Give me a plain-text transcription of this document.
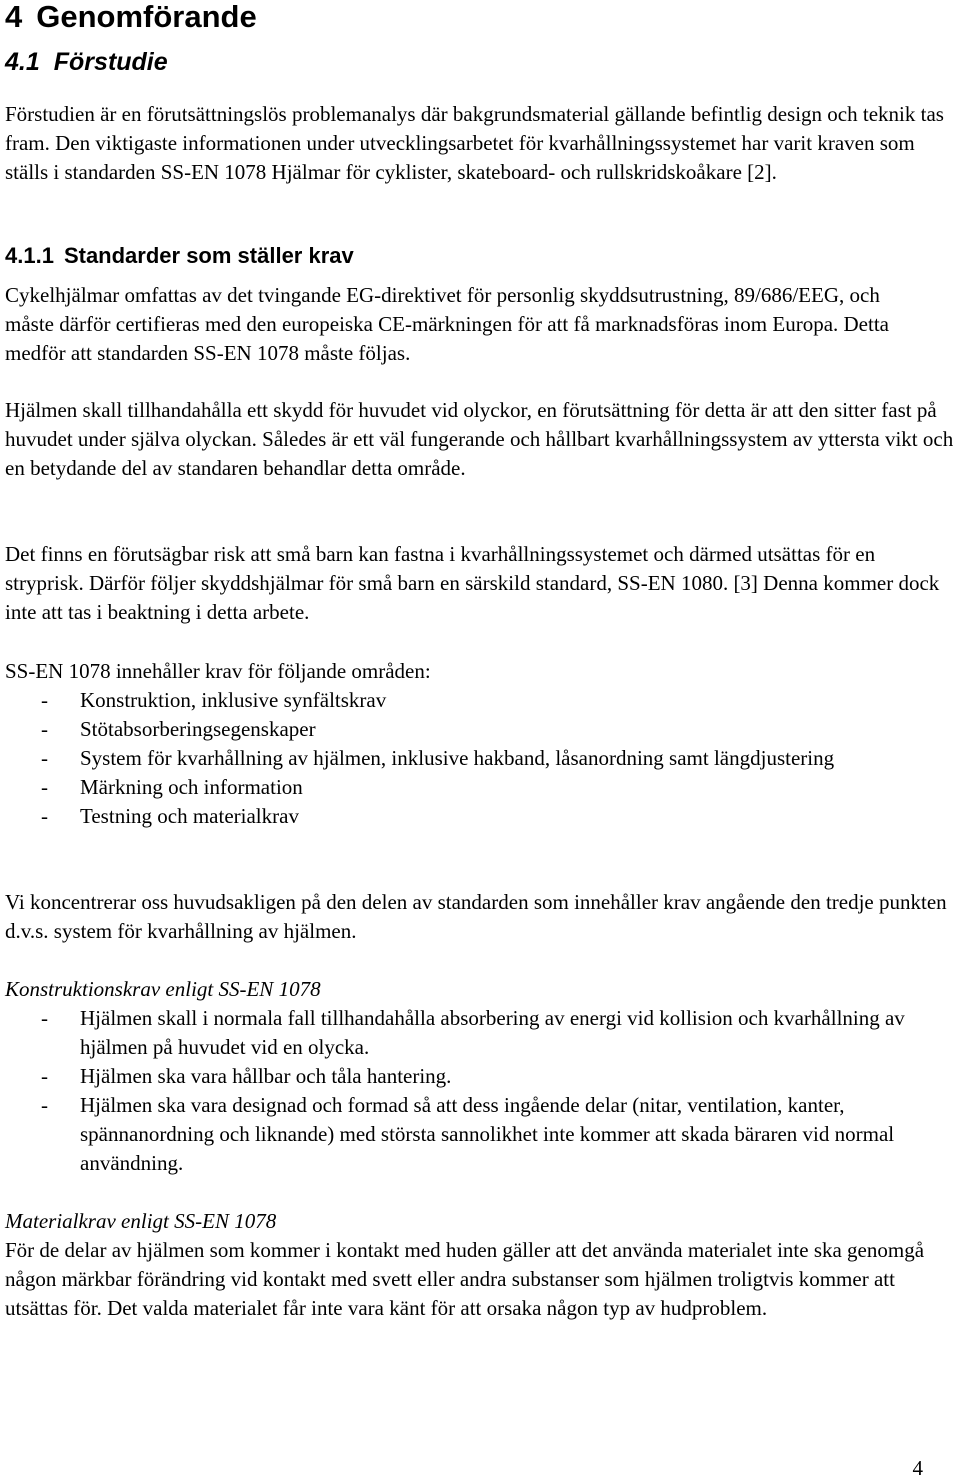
4 Genomförande
4.1 Förstudie

Förstudien är en förutsättningslös problemanalys där bakgrundsmaterial gällande befintlig design och teknik tas fram. Den viktigaste informationen under utvecklingsarbetet för kvarhållningssystemet har varit kraven som ställs i standarden SS-EN 1078 Hjälmar för cyklister, skateboard- och rullskridskoåkare [2].

4.1.1 Standarder som ställer krav

Cykelhjälmar omfattas av det tvingande EG-direktivet för personlig skyddsutrustning, 89/686/EEG, och måste därför certifieras med den europeiska CE-märkningen för att få marknadsföras inom Europa. Detta medför att standarden SS-EN 1078 måste följas.

Hjälmen skall tillhandahålla ett skydd för huvudet vid olyckor, en förutsättning för detta är att den sitter fast på huvudet under själva olyckan. Således är ett väl fungerande och hållbart kvarhållningssystem av yttersta vikt och en betydande del av standaren behandlar detta område.

Det finns en förutsägbar risk att små barn kan fastna i kvarhållningssystemet och därmed utsättas för en stryprisk. Därför följer skyddshjälmar för små barn en särskild standard, SS-EN 1080. [3] Denna kommer dock inte att tas i beaktning i detta arbete.

SS-EN 1078 innehåller krav för följande områden:

- Konstruktion, inklusive synfältskrav
- Stötabsorberingsegenskaper
- System för kvarhållning av hjälmen, inklusive hakband, låsanordning samt längdjustering
- Märkning och information
- Testning och materialkrav

Vi koncentrerar oss huvudsakligen på den delen av standarden som innehåller krav angående den tredje punkten d.v.s. system för kvarhållning av hjälmen.

Konstruktionskrav enligt SS-EN 1078

- Hjälmen skall i normala fall tillhandahålla absorbering av energi vid kollision och kvarhållning av hjälmen på huvudet vid en olycka.
- Hjälmen ska vara hållbar och tåla hantering.
- Hjälmen ska vara designad och formad så att dess ingående delar (nitar, ventilation, kanter, spännanordning och liknande) med största sannolikhet inte kommer att skada bäraren vid normal användning.

Materialkrav enligt SS-EN 1078

För de delar av hjälmen som kommer i kontakt med huden gäller att det använda materialet inte ska genomgå någon märkbar förändring vid kontakt med svett eller andra substanser som hjälmen troligtvis kommer att utsättas för. Det valda materialet får inte vara känt för att orsaka någon typ av hudproblem.

4
